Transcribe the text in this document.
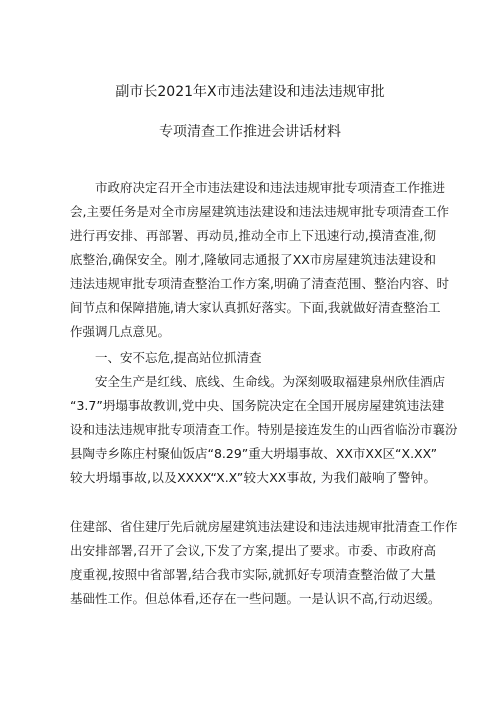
副市长2021年X市违法建设和违法违规审批
专项清查工作推进会讲话材料
市政府决定召开全市违法建设和违法违规审批专项清查工作推进
会,主要任务是对全市房屋建筑违法建设和违法违规审批专项清查工作
进行再安排、再部署、再动员,推动全市上下迅速行动,摸清查准,彻
底整治,确保安全。刚才,隆敏同志通报了XX市房屋建筑违法建设和
违法违规审批专项清查整治工作方案,明确了清查范围、整治内容、时
间节点和保障措施,请大家认真抓好落实。下面,我就做好清查整治工
作强调几点意见。
一、安不忘危,提高站位抓清查
安全生产是红线、底线、生命线。为深刻吸取福建泉州欣佳酒店
“3.7”坍塌事故教训,党中央、国务院决定在全国开展房屋建筑违法建
设和违法违规审批专项清查工作。特别是接连发生的山西省临汾市襄汾
县陶寺乡陈庄村聚仙饭店“8.29”重大坍塌事故、XX市XX区“X.XX”
较大坍塌事故,以及XXXX“X.X”较大XX事故, 为我们敲响了警钟。
住建部、省住建厅先后就房屋建筑违法建设和违法违规审批清查工作作
出安排部署,召开了会议,下发了方案,提出了要求。市委、市政府高
度重视,按照中省部署,结合我市实际,就抓好专项清查整治做了大量
基础性工作。但总体看,还存在一些问题。一是认识不高,行动迟缓。
